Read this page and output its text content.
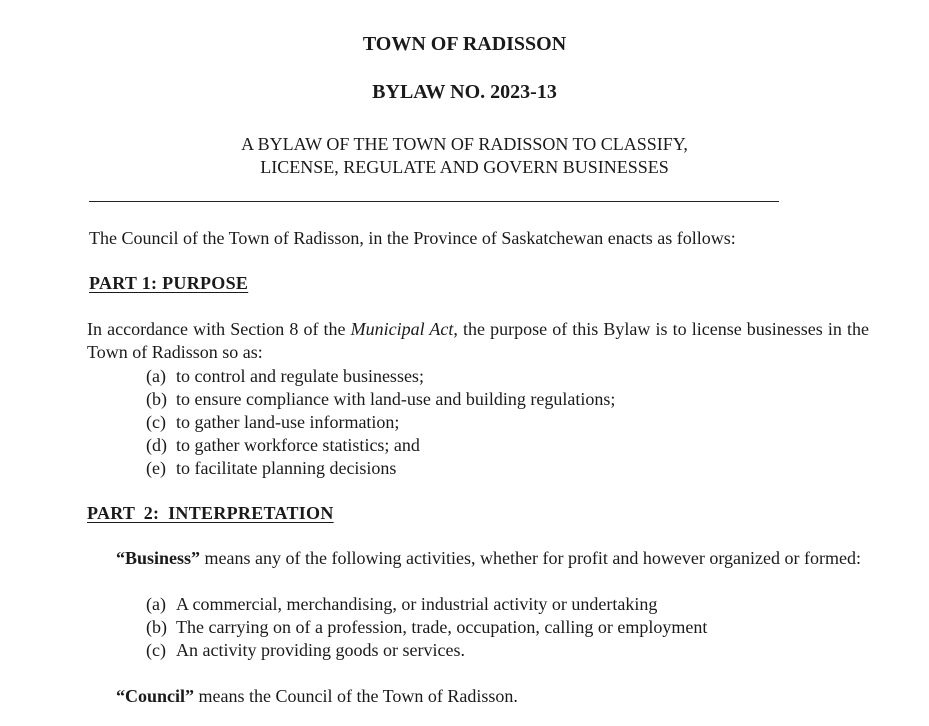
TOWN OF RADISSON
BYLAW NO. 2023-13
A BYLAW OF THE TOWN OF RADISSON TO CLASSIFY,
LICENSE, REGULATE AND GOVERN BUSINESSES
The Council of the Town of Radisson, in the Province of Saskatchewan enacts as follows:
PART 1: PURPOSE
In accordance with Section 8 of the Municipal Act, the purpose of this Bylaw is to license businesses in the Town of Radisson so as:
(a) to control and regulate businesses;
(b) to ensure compliance with land-use and building regulations;
(c) to gather land-use information;
(d) to gather workforce statistics; and
(e) to facilitate planning decisions
PART 2: INTERPRETATION
“Business” means any of the following activities, whether for profit and however organized or formed:
(a) A commercial, merchandising, or industrial activity or undertaking
(b) The carrying on of a profession, trade, occupation, calling or employment
(c) An activity providing goods or services.
“Council” means the Council of the Town of Radisson.
